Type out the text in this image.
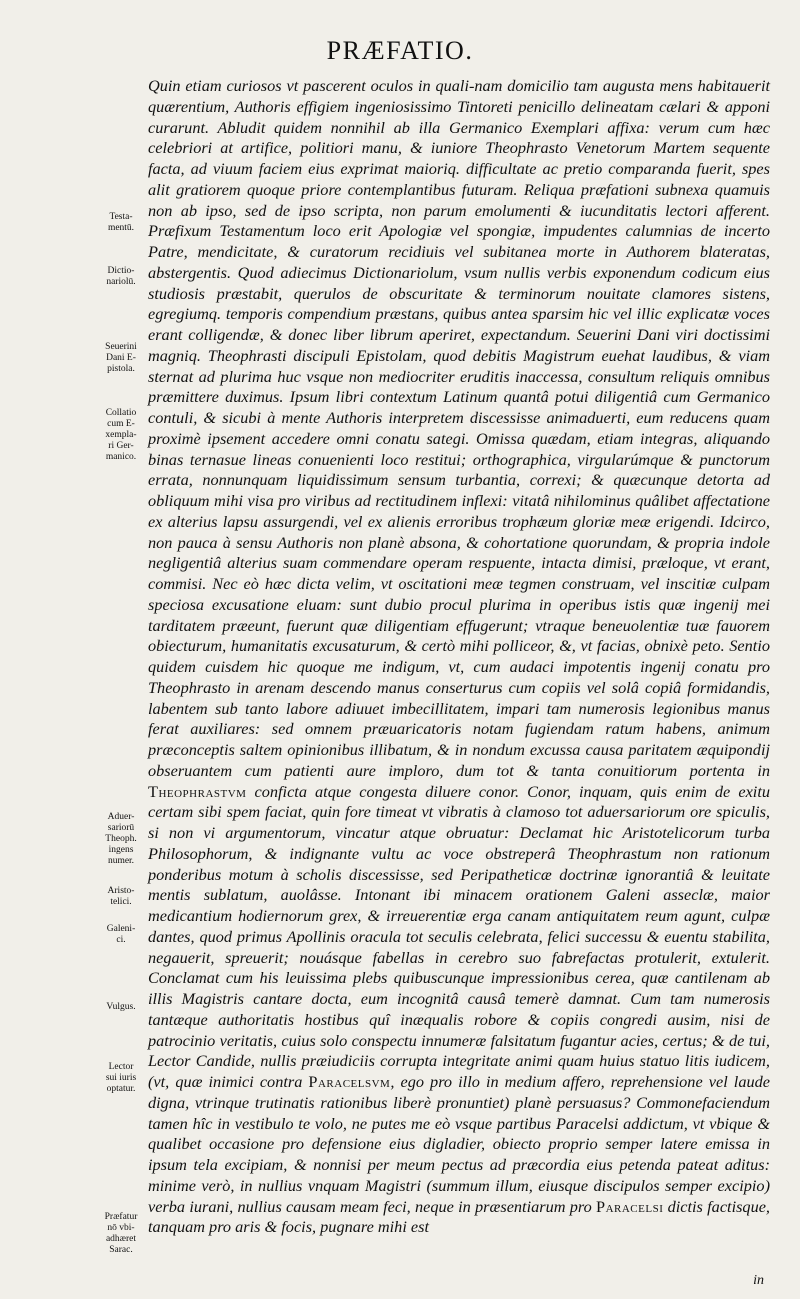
PRÆFATIO.
Testa-
mentū.
Dictio-
nariolū.
Seuerini
Dani E-
pistola.
Collatio
cum E-
xempla-
ri Ger-
manico.
Aduer-
sariorū
Theoph.
ingens
numer.
Aristo-
telici.
Galeni-
ci.
Vulgus.
Lector
sui iuris
optatur.
Præfatur
nō vbi-
adhæret
Sarac.

Quin etiam curiosos vt pascerent oculos in quali-nam domicilio tam augusta mens habitauerit quærentium, Authoris effigiem ingeniosissimo Tintoreti penicillo delineatam cælari & apponi curarunt. Abludit quidem nonnihil ab illa Germanico Exemplari affixa: verum cum hæc celebriori at artifice, politiori manu, & iuniore Theophrasto Venetorum Martem sequente facta, ad viuum faciem eius exprimat maioriq. difficultate ac pretio comparanda fuerit, spes alit gratiorem quoque priore contemplantibus futuram. Reliqua præfationi subnexa quamuis non ab ipso, sed de ipso scripta, non parum emolumenti & iucunditatis lectori afferent. Præfixum Testamentum loco erit Apologiæ vel spongiæ, impudentes calumnias de incerto Patre, mendicitate, & curatorum recidiuis vel subitanea morte in Authorem blateratas, abstergentis. Quod adiecimus Dictionariolum, vsum nullis verbis exponendum codicum eius studiosis præstabit, querulos de obscuritate & terminorum nouitate clamores sistens, egregiumq. temporis compendium præstans, quibus antea sparsim hic vel illic explicatæ voces erant colligendæ, & donec liber librum aperiret, expectandum. Seuerini Dani viri doctissimi magniq. Theophrasti discipuli Epistolam, quod debitis Magistrum euehat laudibus, & viam sternat ad plurima huc vsque non mediocriter eruditis inaccessa, consultum reliquis omnibus præmittere duximus. Ipsum libri contextum Latinum quantâ potui diligentiâ cum Germanico contuli, & sicubi à mente Authoris interpretem discessisse animaduerti, eum reducens quam proximè ipsement accedere omni conatu sategi. Omissa quædam, etiam integras, aliquando binas ternasue lineas conuenienti loco restitui; orthographica, virgularúmque & punctorum errata, nonnunquam liquidissimum sensum turbantia, correxi; & quæcunque detorta ad obliquum mihi visa pro viribus ad rectitudinem inflexi: vitatâ nihilominus quâlibet affectatione ex alterius lapsu assurgendi, vel ex alienis erroribus trophæum gloriæ meæ erigendi. Idcirco, non pauca à sensu Authoris non planè absona, & cohortatione quorundam, & propria indole negligentiâ alterius suam commendare operam respuente, intacta dimisi, præloque, vt erant, commisi. Nec eò hæc dicta velim, vt oscitationi meæ tegmen construam, vel inscitiæ culpam speciosa excusatione eluam: sunt dubio procul plurima in operibus istis quæ ingenij mei tarditatem præeunt, fuerunt quæ diligentiam effugerunt; vtraque beneuolentiæ tuæ fauorem obiecturum, humanitatis excusaturum, & certò mihi polliceor, &, vt facias, obnixè peto. Sentio quidem cuisdem hic quoque me indigum, vt, cum audaci impotentis ingenij conatu pro Theophrasto in arenam descendo manus conserturus cum copiis vel solâ copiâ formidandis, labentem sub tanto labore adiuuet imbecillitatem, impari tam numerosis legionibus manus ferat auxiliares: sed omnem præuaricatoris notam fugiendam ratum habens, animum præconceptis saltem opinionibus illibatum, & in nondum excussa causa paritatem æquipondij obseruantem cum patienti aure imploro, dum tot & tanta conuitiorum portenta in Theophrastvm conficta atque congesta diluere conor. Conor, inquam, quis enim de exitu certam sibi spem faciat, quin fore timeat vt vibratis à clamoso tot aduersariorum ore spiculis, si non vi argumentorum, vincatur atque obruatur: Declamat hic Aristotelicorum turba Philosophorum, & indignante vultu ac voce obstreperâ Theophrastum non rationum ponderibus motum à scholis discessisse, sed Peripatheticæ doctrinæ ignorantiâ & leuitate mentis sublatum, auolâsse. Intonant ibi minacem orationem Galeni asseclæ, maior medicantium hodiernorum grex, & irreuerentiæ erga canam antiquitatem reum agunt, culpæ dantes, quod primus Apollinis oracula tot seculis celebrata, felici successu & euentu stabilita, negauerit, spreuerit; nouásque fabellas in cerebro suo fabrefactas protulerit, extulerit. Conclamat cum his leuissima plebs quibuscunque impressionibus cerea, quæ cantilenam ab illis Magistris cantare docta, eum incognitâ causâ temerè damnat. Cum tam numerosis tantæque authoritatis hostibus quî inæqualis robore & copiis congredi ausim, nisi de patrocinio veritatis, cuius solo conspectu innumeræ falsitatum fugantur acies, certus; & de tui, Lector Candide, nullis præiudiciis corrupta integritate animi quam huius statuo litis iudicem, (vt, quæ inimici contra Paracelsvm, ego pro illo in medium affero, reprehensione vel laude digna, vtrinque trutinatis rationibus liberè pronuntiet) planè persuasus? Commonefaciendum tamen hîc in vestibulo te volo, ne putes me eò vsque partibus Paracelsi addictum, vt vbique & qualibet occasione pro defensione eius digladier, obiecto proprio semper latere emissa in ipsum tela excipiam, & nonnisi per meum pectus ad præcordia eius petenda pateat aditus: minime verò, in nullius vnquam Magistri (summum illum, eiusque discipulos semper excipio) verba iurani, nullius causam meam feci, neque in præsentiarum pro Paracelsi dictis factisque, tanquam pro aris & focis, pugnare mihi est

in
